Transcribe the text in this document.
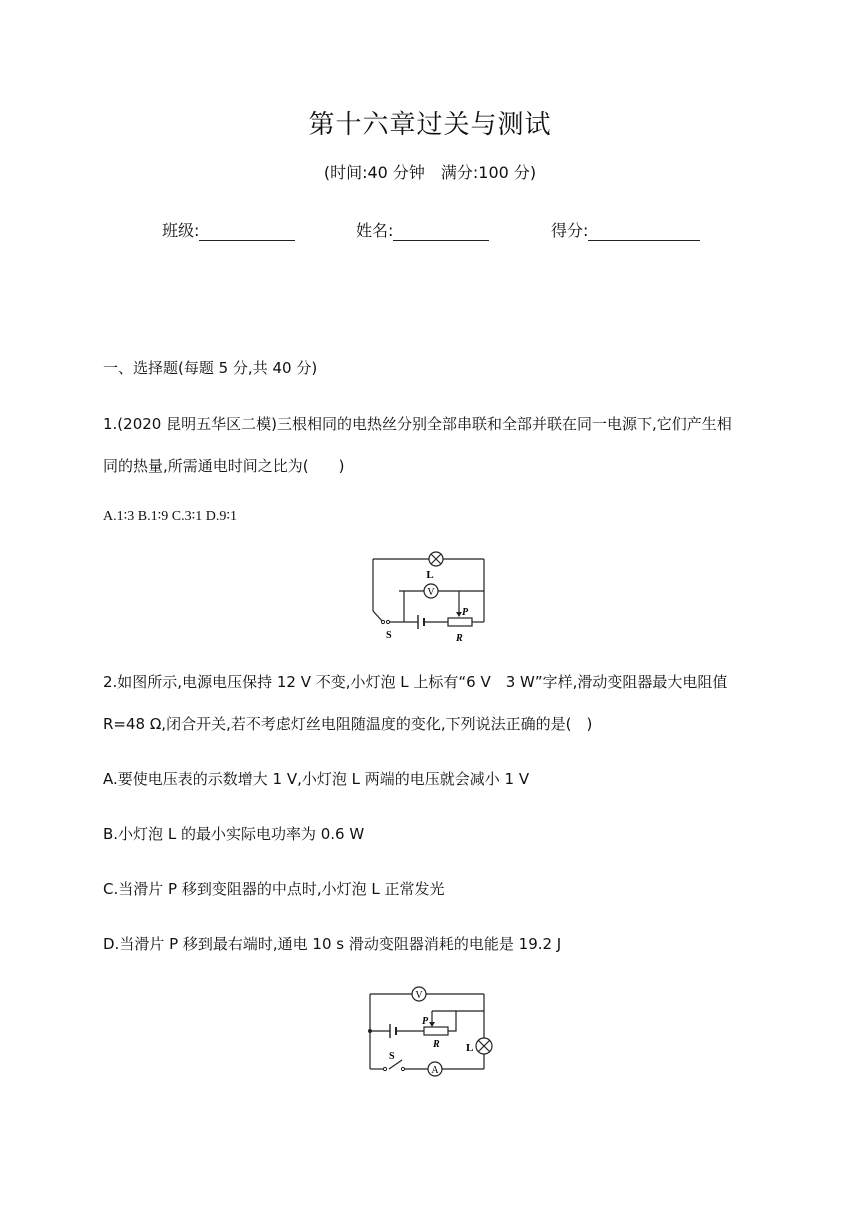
第十六章过关与测试
(时间:40 分钟　满分:100 分)
班级:	姓名:	得分:
一、选择题(每题 5 分,共 40 分)
1.(2020 昆明五华区二模)三根相同的电热丝分别全部串联和全部并联在同一电源下,它们产生相
同的热量,所需通电时间之比为(　　)
A.1∶3 B.1∶9 C.3∶1 D.9∶1
V
L
P
R
S
2.如图所示,电源电压保持 12 V 不变,小灯泡 L 上标有“6 V　3 W”字样,滑动变阻器最大电阻值
R=48 Ω,闭合开关,若不考虑灯丝电阻随温度的变化,下列说法正确的是(　)
A.要使电压表的示数增大 1 V,小灯泡 L 两端的电压就会减小 1 V
B.小灯泡 L 的最小实际电功率为 0.6 W
C.当滑片 P 移到变阻器的中点时,小灯泡 L 正常发光
D.当滑片 P 移到最右端时,通电 10 s 滑动变阻器消耗的电能是 19.2 J
V
A
P
R L
S
